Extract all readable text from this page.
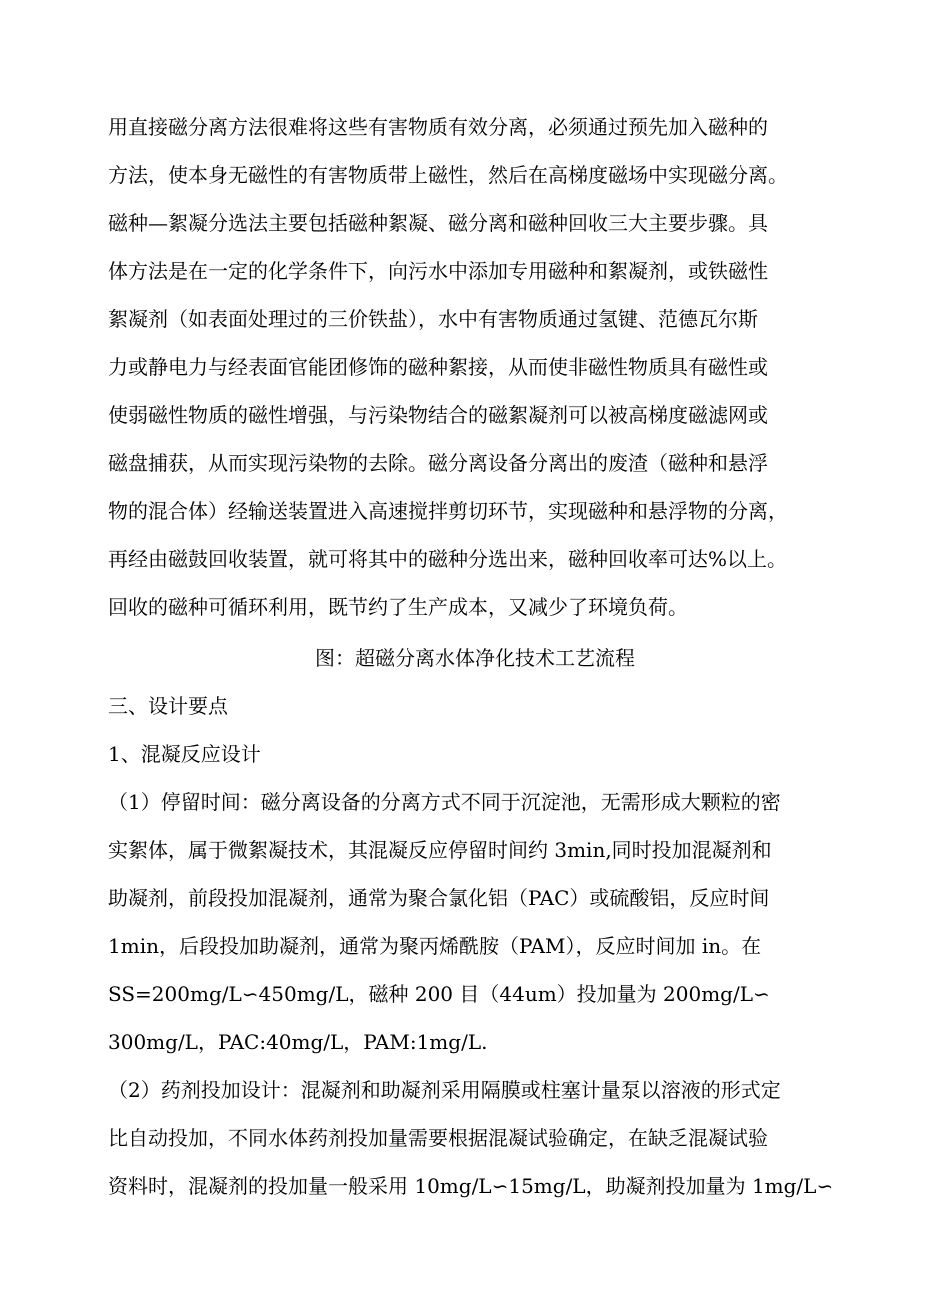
用直接磁分离方法很难将这些有害物质有效分离，必须通过预先加入磁种的
方法，使本身无磁性的有害物质带上磁性，然后在高梯度磁场中实现磁分离。
磁种—絮凝分选法主要包括磁种絮凝、磁分离和磁种回收三大主要步骤。具
体方法是在一定的化学条件下，向污水中添加专用磁种和絮凝剂，或铁磁性
絮凝剂（如表面处理过的三价铁盐），水中有害物质通过氢键、范德瓦尔斯
力或静电力与经表面官能团修饰的磁种絮接，从而使非磁性物质具有磁性或
使弱磁性物质的磁性增强，与污染物结合的磁絮凝剂可以被高梯度磁滤网或
磁盘捕获，从而实现污染物的去除。磁分离设备分离出的废渣（磁种和悬浮
物的混合体）经输送装置进入高速搅拌剪切环节，实现磁种和悬浮物的分离，
再经由磁鼓回收装置，就可将其中的磁种分选出来，磁种回收率可达%以上。
回收的磁种可循环利用，既节约了生产成本，又减少了环境负荷。
图：超磁分离水体净化技术工艺流程
三、设计要点
1、混凝反应设计
（1）停留时间：磁分离设备的分离方式不同于沉淀池，无需形成大颗粒的密
实絮体，属于微絮凝技术，其混凝反应停留时间约 3min,同时投加混凝剂和
助凝剂，前段投加混凝剂，通常为聚合氯化铝（PAC）或硫酸铝，反应时间
1min，后段投加助凝剂，通常为聚丙烯酰胺（PAM），反应时间加 in。在
SS=200mg/L∽450mg/L，磁种 200 目（44um）投加量为 200mg/L∽
300mg/L，PAC:40mg/L，PAM:1mg/L.
（2）药剂投加设计：混凝剂和助凝剂采用隔膜或柱塞计量泵以溶液的形式定
比自动投加，不同水体药剂投加量需要根据混凝试验确定，在缺乏混凝试验
资料时，混凝剂的投加量一般采用 10mg/L∽15mg/L，助凝剂投加量为 1mg/L∽
